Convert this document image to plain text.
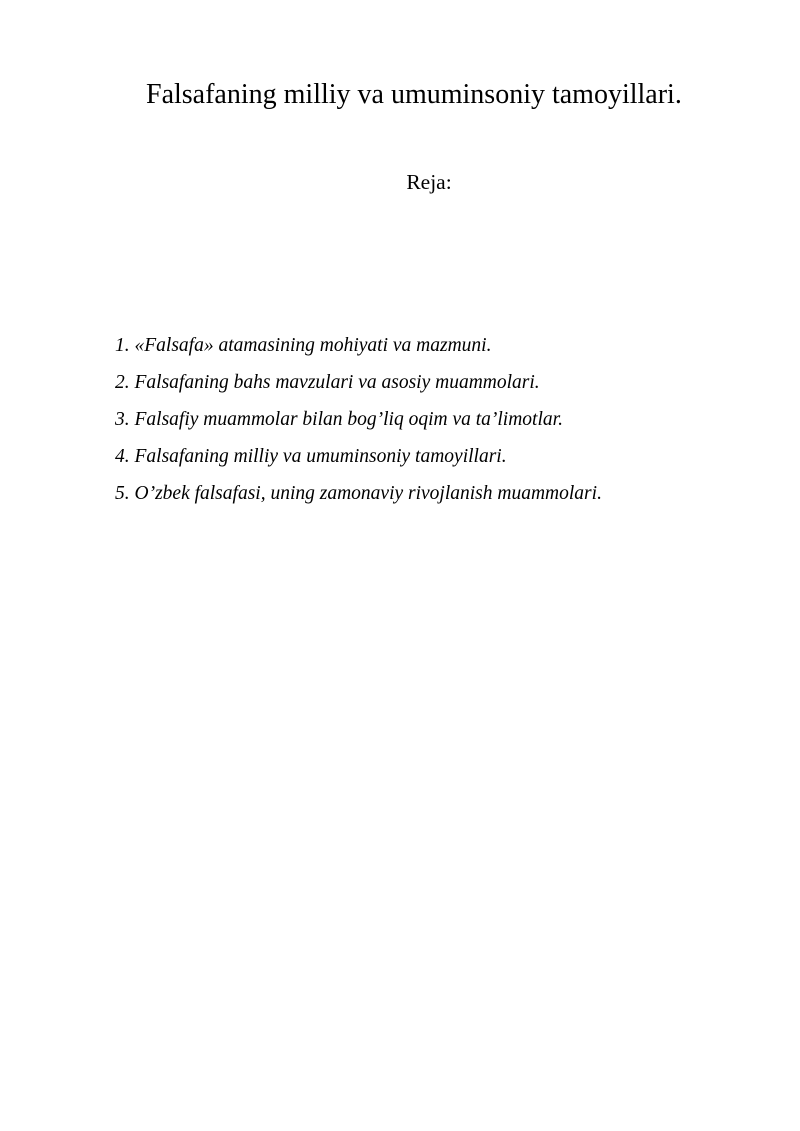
Falsafaning milliy va umuminsoniy tamoyillari.
Reja:
1. «Falsafa» atamasining mohiyati va mazmuni.
2. Falsafaning bahs mavzulari va asosiy muammolari.
3. Falsafiy muammolar bilan bog’liq oqim va ta’limotlar.
4. Falsafaning milliy va umuminsoniy tamoyillari.
5. O’zbek falsafasi, uning zamonaviy rivojlanish muammolari.
